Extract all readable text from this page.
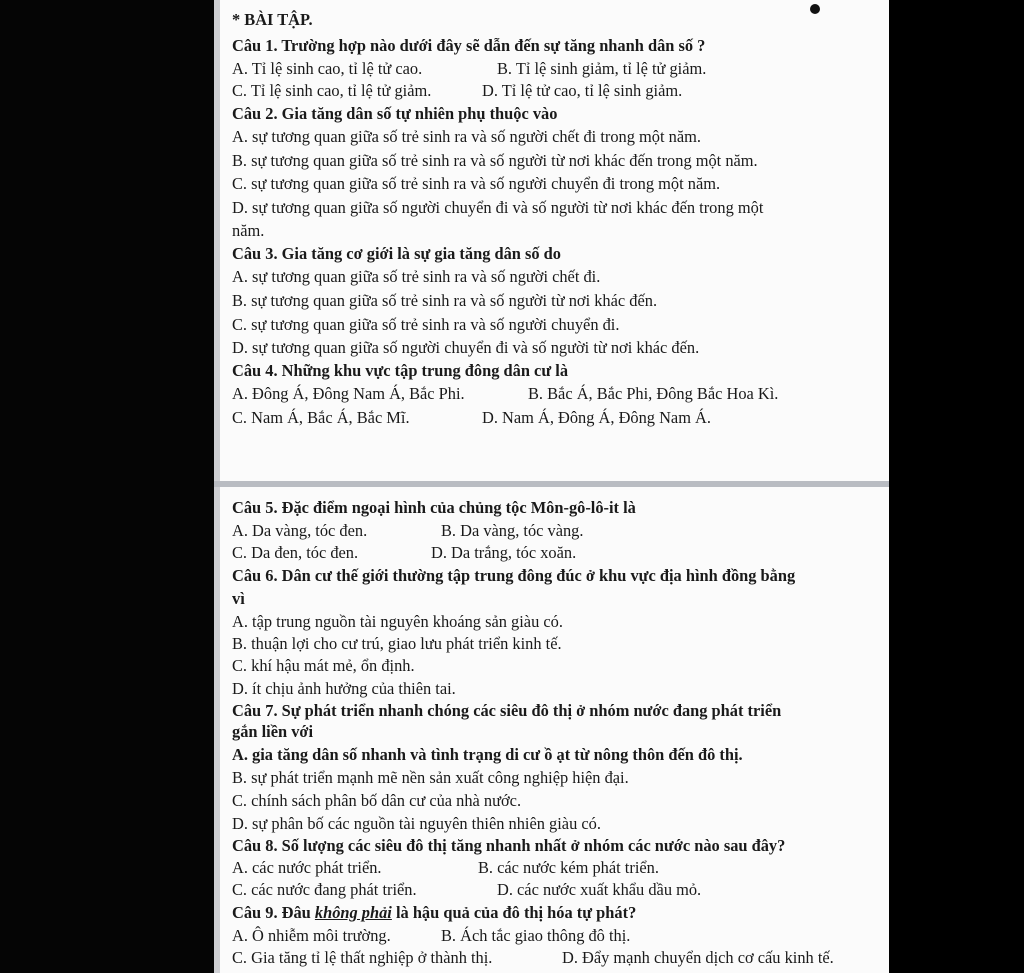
* BÀI TẬP.
Câu 1. Trường hợp nào dưới đây sẽ dẫn đến sự tăng nhanh dân số ?
A. Tỉ lệ sinh cao, tỉ lệ tử cao.	B. Tỉ lệ sinh giảm, tỉ lệ tử giảm.
C. Tỉ lệ sinh cao, tỉ lệ tử giảm.	D. Tỉ lệ tử cao, tỉ lệ sinh giảm.
Câu 2. Gia tăng dân số tự nhiên phụ thuộc vào
A. sự tương quan giữa số trẻ sinh ra và số người chết đi trong một năm.
B. sự tương quan giữa số trẻ sinh ra và số người từ nơi khác đến trong một năm.
C. sự tương quan giữa số trẻ sinh ra và số người chuyển đi trong một năm.
D. sự tương quan giữa số người chuyển đi và số người từ nơi khác đến trong một
năm.
Câu 3. Gia tăng cơ giới là sự gia tăng dân số do
A. sự tương quan giữa số trẻ sinh ra và số người chết đi.
B. sự tương quan giữa số trẻ sinh ra và số người từ nơi khác đến.
C. sự tương quan giữa số trẻ sinh ra và số người chuyển đi.
D. sự tương quan giữa số người chuyển đi và số người từ nơi khác đến.
Câu 4. Những khu vực tập trung đông dân cư là
A. Đông Á, Đông Nam Á, Bắc Phi.	B. Bắc Á, Bắc Phi, Đông Bắc Hoa Kì.
C. Nam Á, Bắc Á, Bắc Mĩ.	D. Nam Á, Đông Á, Đông Nam Á.
Câu 5. Đặc điểm ngoại hình của chủng tộc Môn-gô-lô-it là
A. Da vàng, tóc đen.	B. Da vàng, tóc vàng.
C. Da đen, tóc đen.	D. Da trắng, tóc xoăn.
Câu 6. Dân cư thế giới thường tập trung đông đúc ở khu vực địa hình đồng bằng
vì
A. tập trung nguồn tài nguyên khoáng sản giàu có.
B. thuận lợi cho cư trú, giao lưu phát triển kinh tế.
C. khí hậu mát mẻ, ổn định.
D. ít chịu ảnh hưởng của thiên tai.
Câu 7. Sự phát triển nhanh chóng các siêu đô thị ở nhóm nước đang phát triển
gắn liền với
A. gia tăng dân số nhanh và tình trạng di cư ồ ạt từ nông thôn đến đô thị.
B. sự phát triển mạnh mẽ nền sản xuất công nghiệp hiện đại.
C. chính sách phân bố dân cư của nhà nước.
D. sự phân bố các nguồn tài nguyên thiên nhiên giàu có.
Câu 8. Số lượng các siêu đô thị tăng nhanh nhất ở nhóm các nước nào sau đây?
A. các nước phát triển.	B. các nước kém phát triển.
C. các nước đang phát triển.	D. các nước xuất khẩu dầu mỏ.
Câu 9. Đâu không phải là hậu quả của đô thị hóa tự phát?
A. Ô nhiễm môi trường.	B. Ách tắc giao thông đô thị.
C. Gia tăng tỉ lệ thất nghiệp ở thành thị.	D. Đẩy mạnh chuyển dịch cơ cấu kinh tế.
